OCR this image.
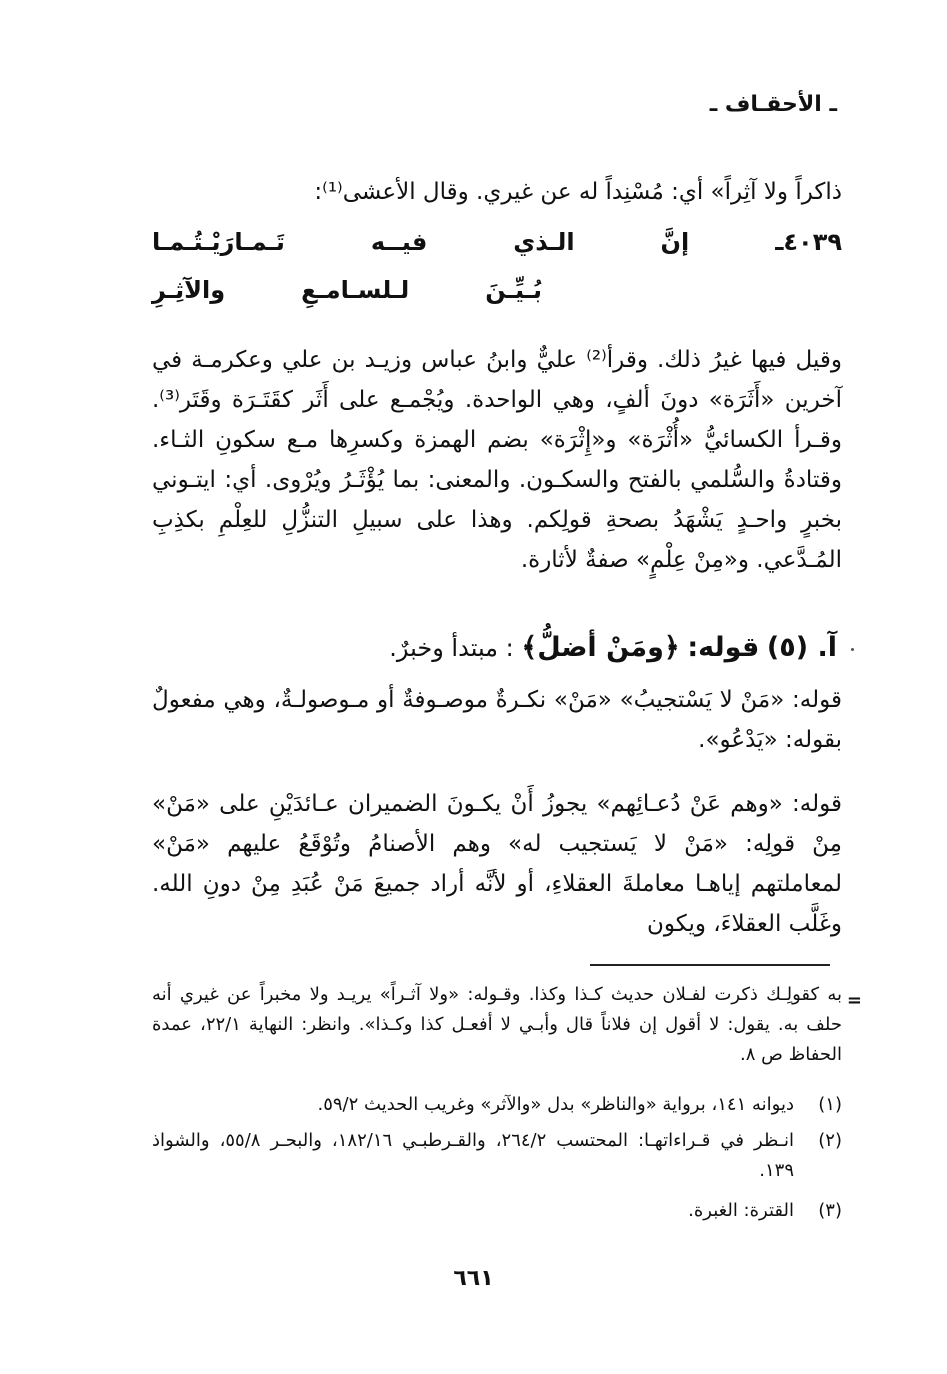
ـ الأحقـاف ـ
ذاكراً ولا آثِراً» أي: مُسْنِداً له عن غيري. وقال الأعشى⁽¹⁾:
٤٠٣٩ـ
إنَّ
الـذي
فيــه
تَـمـارَيْـتُـمـا
بُـيِّـنَ
لـلسـامـعِ
والآثِـرِ
وقيل فيها غيرُ ذلك. وقرأ⁽²⁾ عليٌّ وابنُ عباس وزيـد بن علي وعكرمـة في آخرين «أَثَرَة» دونَ ألفٍ، وهي الواحدة. ويُجْمـع على أَثَر كقَتَـرَة وقَتَر⁽³⁾. وقـرأ الكسائيُّ «أُثْرَة» و«إِثْرَة» بضم الهمزة وكسرِها مـع سكونِ الثـاء. وقتادةُ والسُّلمي بالفتح والسكـون. والمعنى: بما يُؤْثَـرُ ويُرْوى. أي: ايتـوني بخبرٍ واحـدٍ يَشْهَدُ بصحةِ قولِكم. وهذا على سبيلِ التنزُّلِ للعِلْمِ بكذِبِ المُـدَّعي. و«مِنْ عِلْمٍ» صفةٌ لأثارة.
آ. (٥) قوله: ﴿ومَنْ أضلُّ﴾ : مبتدأ وخبرٌ.
قوله: «مَنْ لا يَسْتجيبُ» «مَنْ» نكـرةٌ موصـوفةٌ أو مـوصولـةٌ، وهي مفعولٌ بقوله: «يَدْعُو».
قوله: «وهم عَنْ دُعـائِهم» يجوزُ أَنْ يكـونَ الضميران عـائدَيْنِ على «مَنْ» مِنْ قولِه: «مَنْ لا يَستجيب له» وهم الأصنامُ وتُوْقَعُ عليهم «مَنْ» لمعاملتهم إياهـا معاملةَ العقلاءِ، أو لأنَّه أراد جميعَ مَنْ عُبَدِ مِنْ دونِ الله. وغَلَّب العقلاءَ، ويكون
=
به كقولِـك ذكرت لفـلان حديث كـذا وكذا. وقـوله: «ولا آثـراً» يريـد ولا مخبراً عن غيري أنه حلف به. يقول: لا أقول إن فلاناً قال وأبـي لا أفعـل كذا وكـذا». وانظر: النهاية ٢٢/١، عمدة الحفاظ ص ٨.
(١)
ديوانه ١٤١، برواية «والناظر» بدل «والآثر» وغريب الحديث ٥٩/٢.
(٢)
انـظر في قـراءاتهـا: المحتسب ٢٦٤/٢، والقـرطبـي ١٨٢/١٦، والبحـر ٥٥/٨، والشواذ ١٣٩.
(٣)
القترة: الغبرة.
٦٦١
